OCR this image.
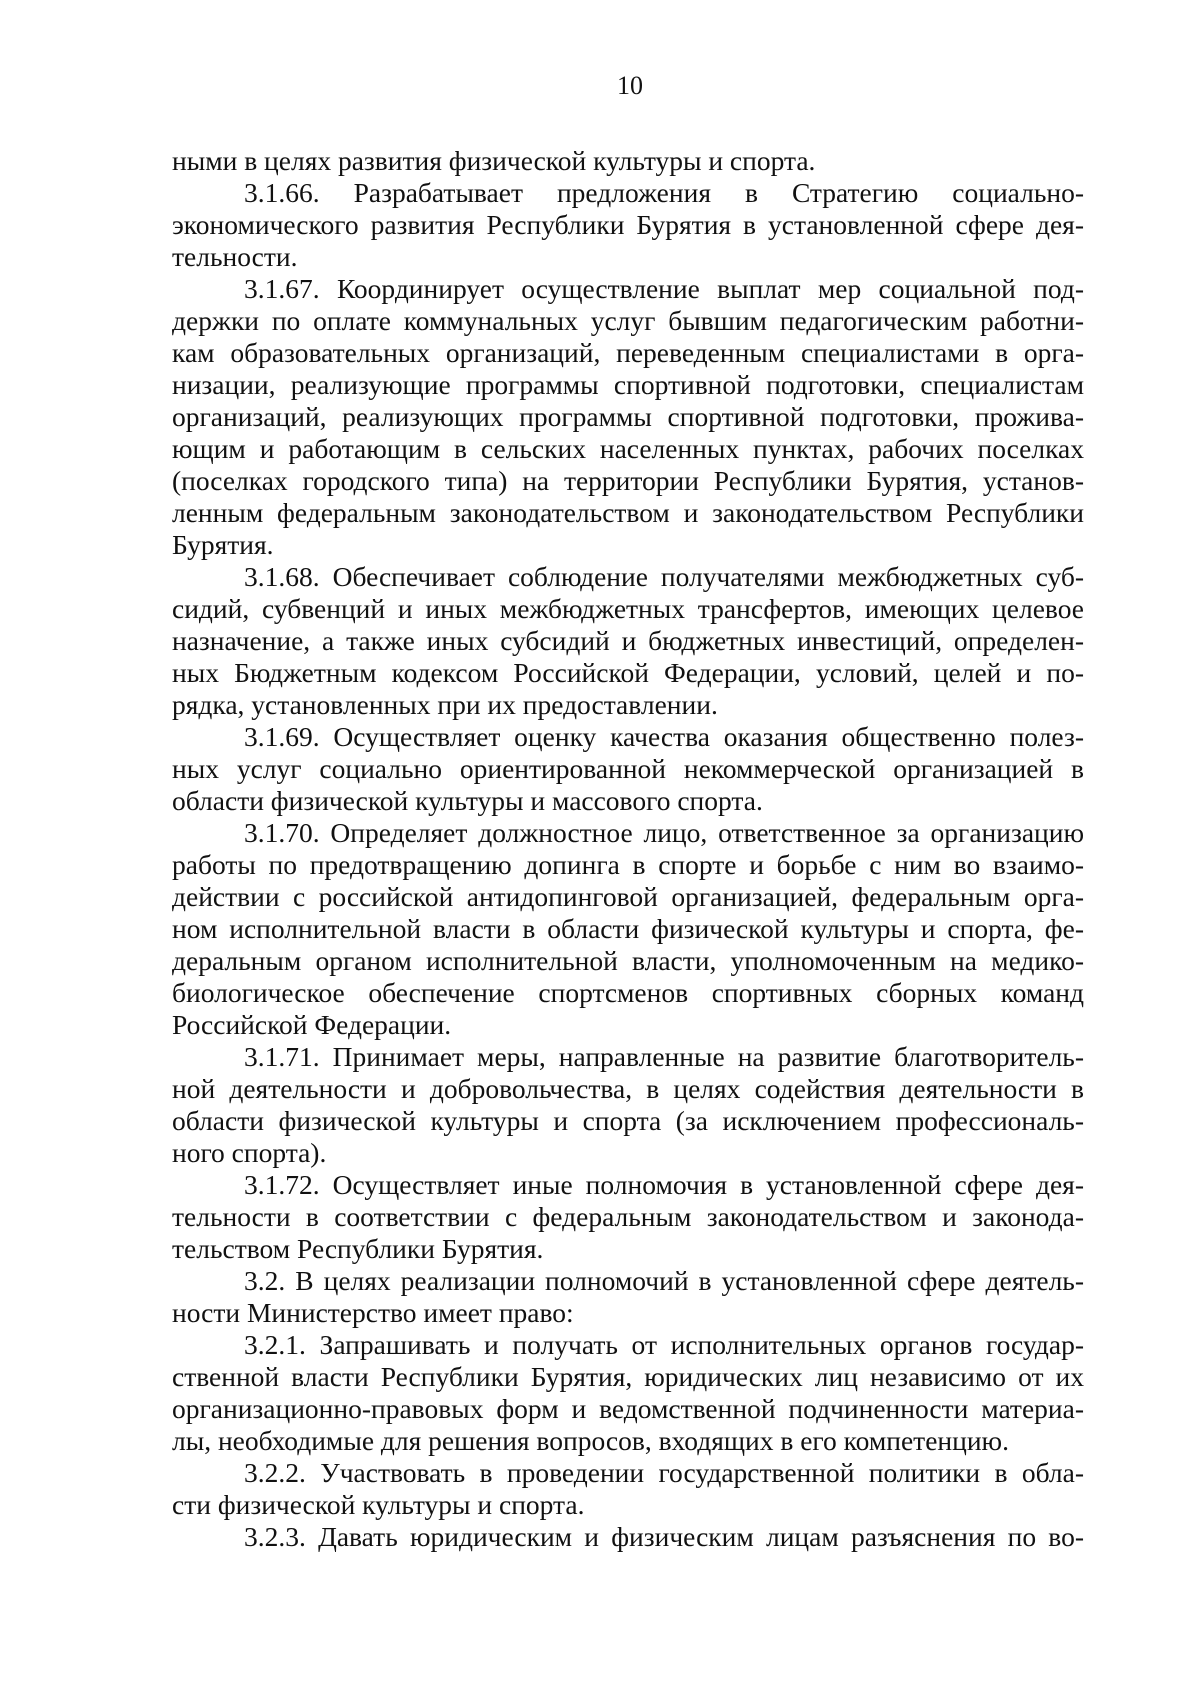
10
ными в целях развития физической культуры и спорта.
3.1.66. Разрабатывает предложения в Стратегию социально-
экономического развития Республики Бурятия в установленной сфере дея-
тельности.
3.1.67. Координирует осуществление выплат мер социальной под-
держки по оплате коммунальных услуг бывшим педагогическим работни-
кам образовательных организаций, переведенным специалистами в орга-
низации, реализующие программы спортивной подготовки, специалистам
организаций, реализующих программы спортивной подготовки, прожива-
ющим и работающим в сельских населенных пунктах, рабочих поселках
(поселках городского типа) на территории Республики Бурятия, установ-
ленным федеральным законодательством и законодательством Республики
Бурятия.
3.1.68. Обеспечивает соблюдение получателями межбюджетных суб-
сидий, субвенций и иных межбюджетных трансфертов, имеющих целевое
назначение, а также иных субсидий и бюджетных инвестиций, определен-
ных Бюджетным кодексом Российской Федерации, условий, целей и по-
рядка, установленных при их предоставлении.
3.1.69. Осуществляет оценку качества оказания общественно полез-
ных услуг социально ориентированной некоммерческой организацией в
области физической культуры и массового спорта.
3.1.70. Определяет должностное лицо, ответственное за организацию
работы по предотвращению допинга в спорте и борьбе с ним во взаимо-
действии с российской антидопинговой организацией, федеральным орга-
ном исполнительной власти в области физической культуры и спорта, фе-
деральным органом исполнительной власти, уполномоченным на медико-
биологическое обеспечение спортсменов спортивных сборных команд
Российской Федерации.
3.1.71. Принимает меры, направленные на развитие благотворитель-
ной деятельности и добровольчества, в целях содействия деятельности в
области физической культуры и спорта (за исключением профессиональ-
ного спорта).
3.1.72. Осуществляет иные полномочия в установленной сфере дея-
тельности в соответствии с федеральным законодательством и законода-
тельством Республики Бурятия.
3.2. В целях реализации полномочий в установленной сфере деятель-
ности Министерство имеет право:
3.2.1. Запрашивать и получать от исполнительных органов государ-
ственной власти Республики Бурятия, юридических лиц независимо от их
организационно-правовых форм и ведомственной подчиненности материа-
лы, необходимые для решения вопросов, входящих в его компетенцию.
3.2.2. Участвовать в проведении государственной политики в обла-
сти физической культуры и спорта.
3.2.3. Давать юридическим и физическим лицам разъяснения по во-
